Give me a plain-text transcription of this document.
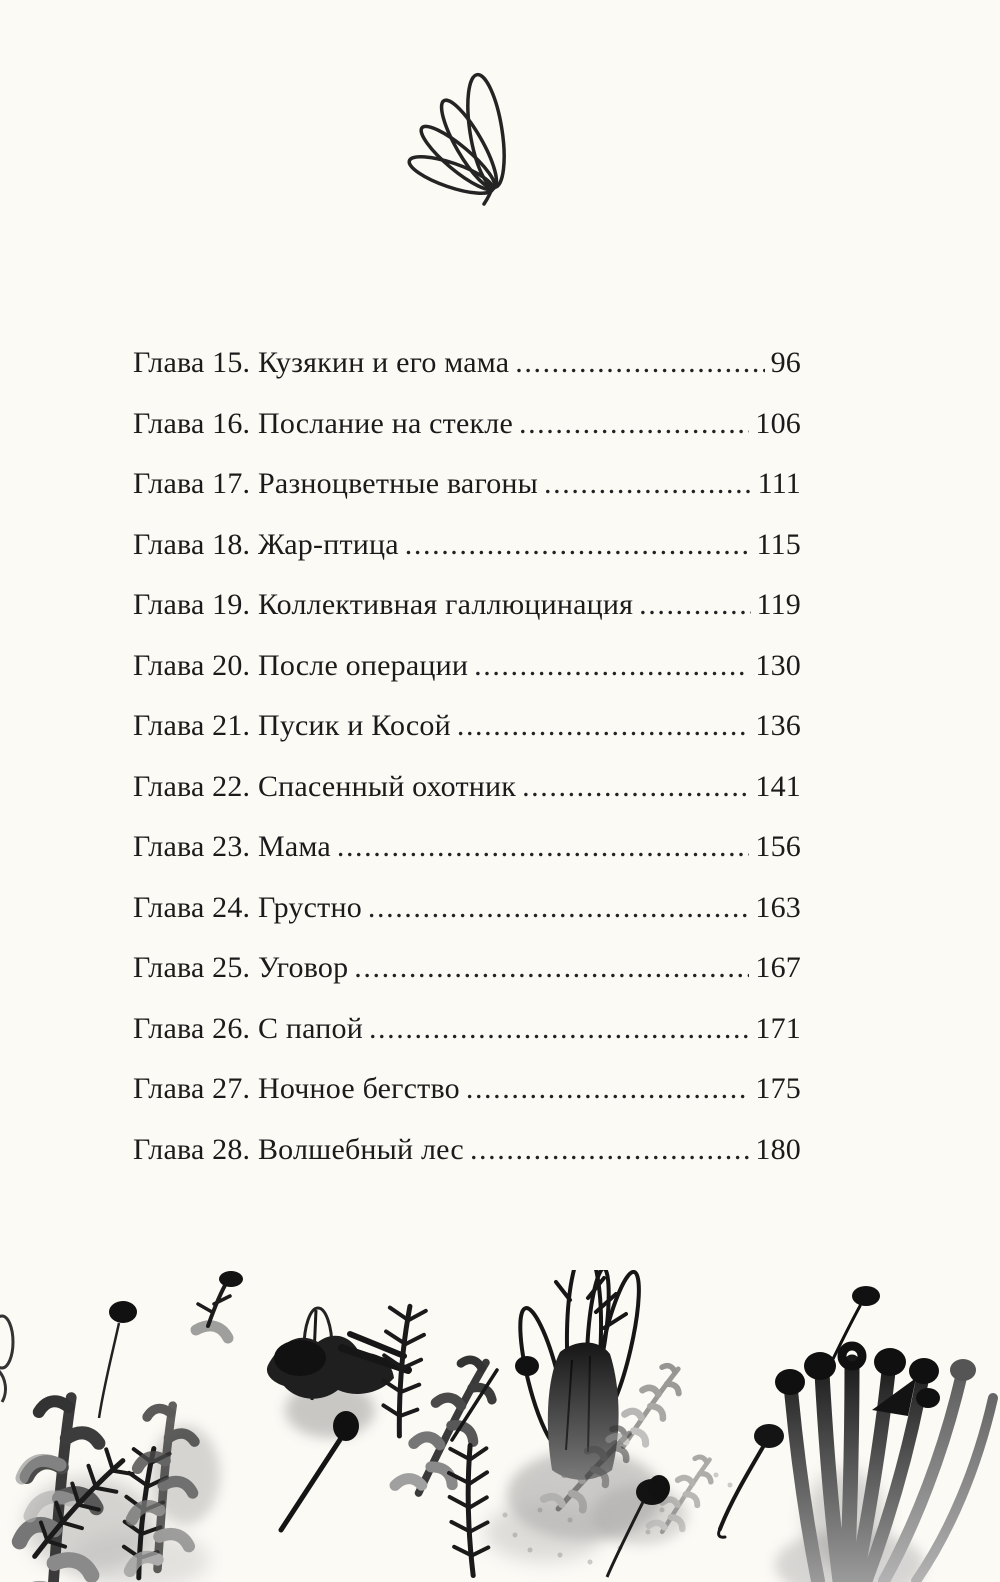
Глава 15. Кузякин и его мама .....	96
Глава 16. Послание на стекле .....	106
Глава 17. Разноцветные вагоны .....	111
Глава 18. Жар-птица .....	115
Глава 19. Коллективная галлюцинация .....	119
Глава 20. После операции .....	130
Глава 21. Пусик и Косой .....	136
Глава 22. Спасенный охотник .....	141
Глава 23. Мама .....	156
Глава 24. Грустно .....	163
Глава 25. Уговор .....	167
Глава 26. С папой .....	171
Глава 27. Ночное бегство .....	175
Глава 28. Волшебный лес .....	180
